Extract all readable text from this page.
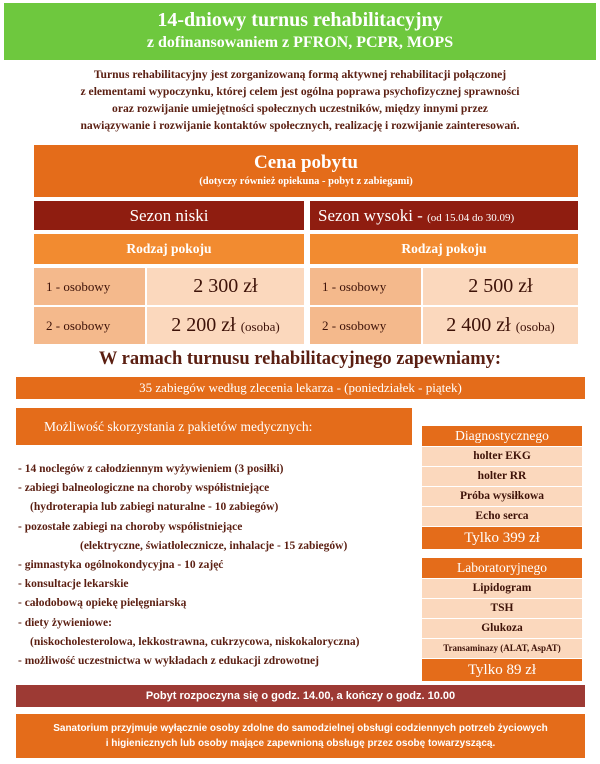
14-dniowy turnus rehabilitacyjny
z dofinansowaniem z PFRON, PCPR, MOPS
Turnus rehabilitacyjny jest zorganizowaną formą aktywnej rehabilitacji połączonej
z elementami wypoczynku, której celem jest ogólna poprawa psychofizycznej sprawności
oraz rozwijanie umiejętności społecznych uczestników, między innymi przez
nawiązywanie i rozwijanie kontaktów społecznych, realizację i rozwijanie zainteresowań.
Cena pobytu
(dotyczy również opiekuna - pobyt z zabiegami)
Sezon niski	Sezon wysoki - (od 15.04 do 30.09)
Rodzaj pokoju	Rodzaj pokoju
1 - osobowy	2 300 zł
2 - osobowy	2 200 zł (osoba)
1 - osobowy	2 500 zł
2 - osobowy	2 400 zł (osoba)
W ramach turnusu rehabilitacyjnego zapewniamy:
35 zabiegów według zlecenia lekarza - (poniedziałek - piątek)
Możliwość skorzystania z pakietów medycznych:
- 14 noclegów z całodziennym wyżywieniem (3 posiłki)
- zabiegi balneologiczne na choroby współistniejące
(hydroterapia lub zabiegi naturalne - 10 zabiegów)
- pozostałe zabiegi na choroby współistniejące
(elektryczne, światłolecznicze, inhalacje - 15 zabiegów)
- gimnastyka ogólnokondycyjna - 10 zajęć
- konsultacje lekarskie
- całodobową opiekę pielęgniarską
- diety żywieniowe:
(niskocholesterolowa, lekkostrawna, cukrzycowa, niskokaloryczna)
- możliwość uczestnictwa w wykładach z edukacji zdrowotnej
Diagnostycznego
holter EKG
holter RR
Próba wysiłkowa
Echo serca
Tylko 399 zł
Laboratoryjnego
Lipidogram
TSH
Glukoza
Transaminazy (ALAT, AspAT)
Tylko 89 zł
Pobyt rozpoczyna się o godz. 14.00, a kończy o godz. 10.00
Sanatorium przyjmuje wyłącznie osoby zdolne do samodzielnej obsługi codziennych potrzeb życiowych
i higienicznych lub osoby mające zapewnioną obsługę przez osobę towarzyszącą.
